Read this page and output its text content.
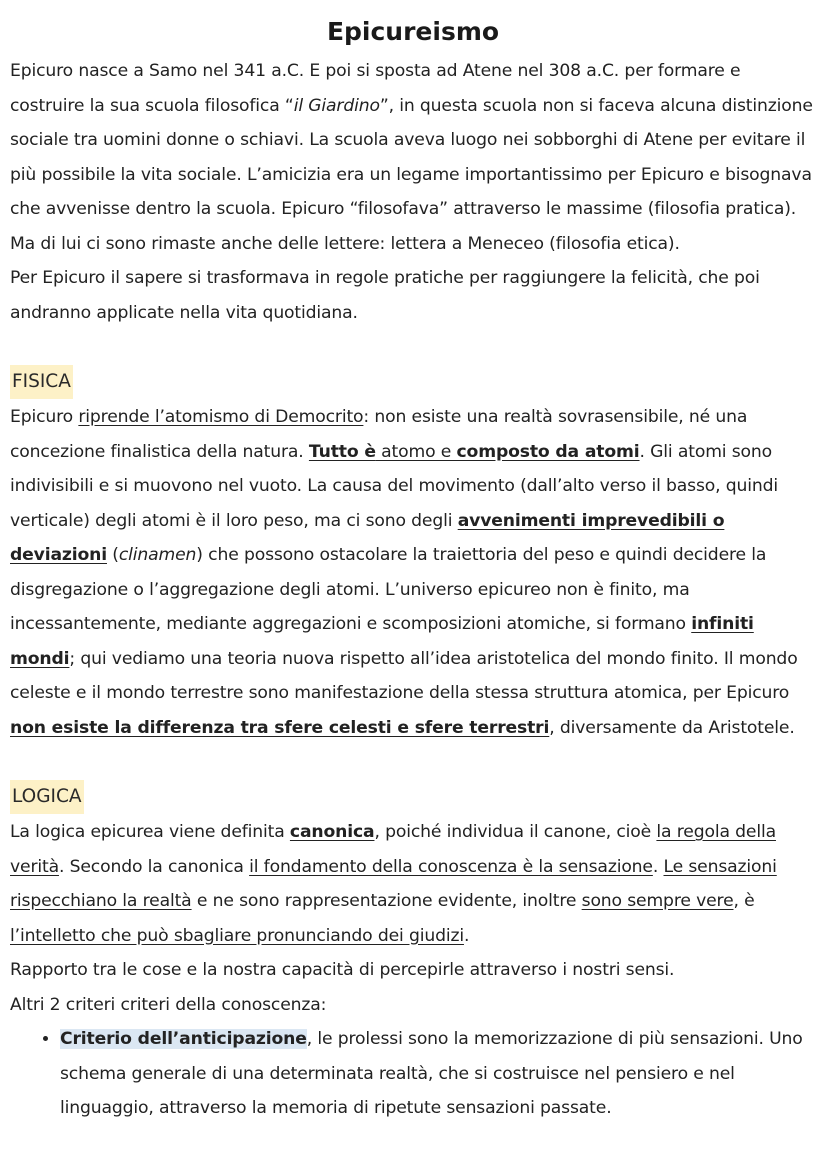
Epicureismo

Epicuro nasce a Samo nel 341 a.C. E poi si sposta ad Atene nel 308 a.C. per formare e costruire la sua scuola filosofica “il Giardino”, in questa scuola non si faceva alcuna distinzione sociale tra uomini donne o schiavi. La scuola aveva luogo nei sobborghi di Atene per evitare il più possibile la vita sociale. L’amicizia era un legame importantissimo per Epicuro e bisognava che avvenisse dentro la scuola. Epicuro “filosofava” attraverso le massime (filosofia pratica). Ma di lui ci sono rimaste anche delle lettere: lettera a Meneceo (filosofia etica).

Per Epicuro il sapere si trasformava in regole pratiche per raggiungere la felicità, che poi andranno applicate nella vita quotidiana.

FISICA

Epicuro riprende l’atomismo di Democrito: non esiste una realtà sovrasensibile, né una concezione finalistica della natura. Tutto è atomo e composto da atomi. Gli atomi sono indivisibili e si muovono nel vuoto. La causa del movimento (dall’alto verso il basso, quindi verticale) degli atomi è il loro peso, ma ci sono degli avvenimenti imprevedibili o deviazioni (clinamen) che possono ostacolare la traiettoria del peso e quindi decidere la disgregazione o l’aggregazione degli atomi. L’universo epicureo non è finito, ma incessantemente, mediante aggregazioni e scomposizioni atomiche, si formano infiniti mondi; qui vediamo una teoria nuova rispetto all’idea aristotelica del mondo finito. Il mondo celeste e il mondo terrestre sono manifestazione della stessa struttura atomica, per Epicuro non esiste la differenza tra sfere celesti e sfere terrestri, diversamente da Aristotele.

LOGICA

La logica epicurea viene definita canonica, poiché individua il canone, cioè la regola della verità. Secondo la canonica il fondamento della conoscenza è la sensazione. Le sensazioni rispecchiano la realtà e ne sono rappresentazione evidente, inoltre sono sempre vere, è l’intelletto che può sbagliare pronunciando dei giudizi.

Rapporto tra le cose e la nostra capacità di percepirle attraverso i nostri sensi.

Altri 2 criteri criteri della conoscenza:

• Criterio dell’anticipazione, le prolessi sono la memorizzazione di più sensazioni. Uno schema generale di una determinata realtà, che si costruisce nel pensiero e nel linguaggio, attraverso la memoria di ripetute sensazioni passate.
